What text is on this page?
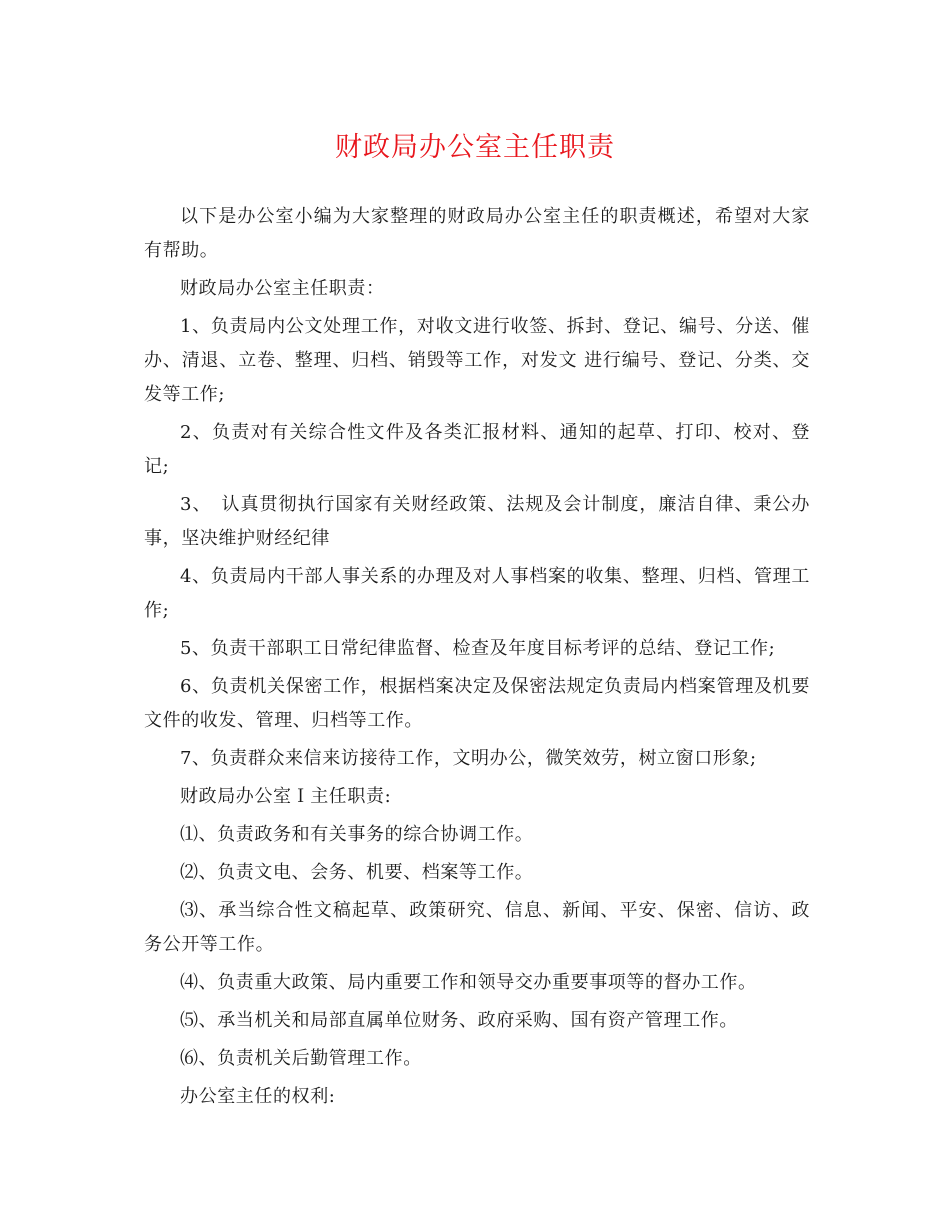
财政局办公室主任职责

以下是办公室小编为大家整理的财政局办公室主任的职责概述，希望对大家有帮助。

财政局办公室主任职责：

1、负责局内公文处理工作，对收文进行收签、拆封、登记、编号、分送、催办、清退、立卷、整理、归档、销毁等工作，对发文 进行编号、登记、分类、交发等工作;

2、负责对有关综合性文件及各类汇报材料、通知的起草、打印、校对、登记;

3、　认真贯彻执行国家有关财经政策、法规及会计制度，廉洁自律、秉公办事，坚决维护财经纪律

4、负责局内干部人事关系的办理及对人事档案的收集、整理、归档、管理工作;

5、负责干部职工日常纪律监督、检查及年度目标考评的总结、登记工作;

6、负责机关保密工作，根据档案决定及保密法规定负责局内档案管理及机要文件的收发、管理、归档等工作。

7、负责群众来信来访接待工作，文明办公，微笑效劳，树立窗口形象;

财政局办公室Ｉ主任职责:

⑴、负责政务和有关事务的综合协调工作。

⑵、负责文电、会务、机要、档案等工作。

⑶、承当综合性文稿起草、政策研究、信息、新闻、平安、保密、信访、政务公开等工作。

⑷、负责重大政策、局内重要工作和领导交办重要事项等的督办工作。

⑸、承当机关和局部直属单位财务、政府采购、国有资产管理工作。

⑹、负责机关后勤管理工作。

办公室主任的权利:
